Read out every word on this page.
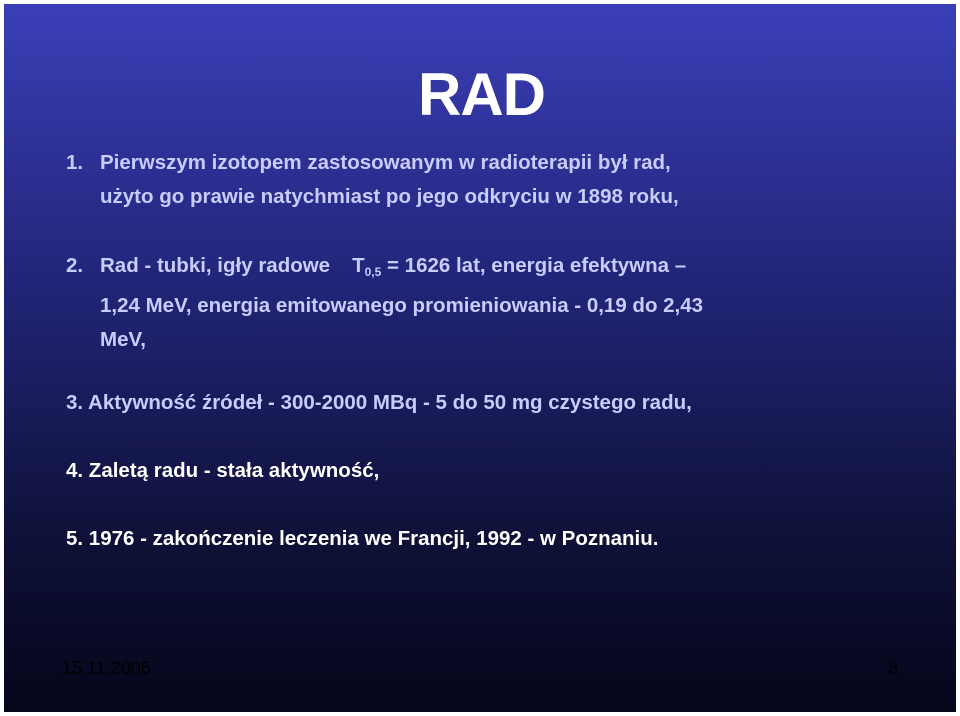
RAD
1. Pierwszym izotopem zastosowanym w radioterapii był rad,
użyto go prawie natychmiast po jego odkryciu w 1898 roku,
2. Rad - tubki, igły radowe $T_{0,5} = 1626$ lat, energia efektywna –
1,24 MeV, energia emitowanego promieniowania - 0,19 do 2,43
MeV,
3. Aktywność źródeł - 300-2000 MBq - 5 do 50 mg czystego radu,
4. Zaletą radu - stała aktywność,
5. 1976 - zakończenie leczenia we Francji, 1992 - w Poznaniu.
15.11.2006	8
